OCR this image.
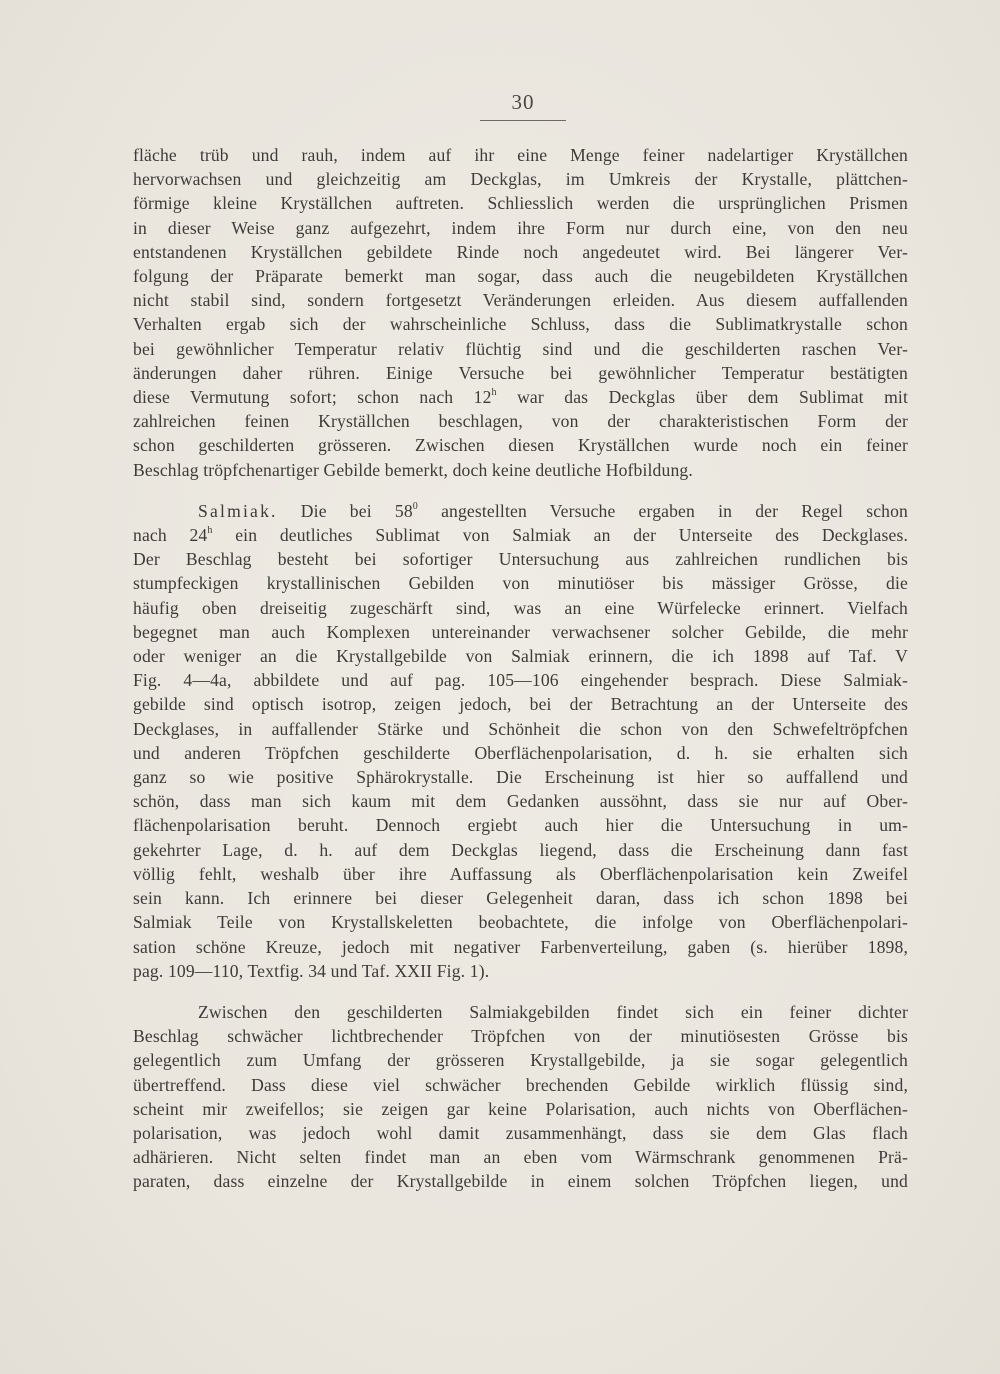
30

fläche trüb und rauh, indem auf ihr eine Menge feiner nadelartiger Kryställchen
hervorwachsen und gleichzeitig am Deckglas, im Umkreis der Krystalle, plättchen-
förmige kleine Kryställchen auftreten. Schliesslich werden die ursprünglichen Prismen
in dieser Weise ganz aufgezehrt, indem ihre Form nur durch eine, von den neu
entstandenen Kryställchen gebildete Rinde noch angedeutet wird. Bei längerer Ver-
folgung der Präparate bemerkt man sogar, dass auch die neugebildeten Kryställchen
nicht stabil sind, sondern fortgesetzt Veränderungen erleiden. Aus diesem auffallenden
Verhalten ergab sich der wahrscheinliche Schluss, dass die Sublimatkrystalle schon
bei gewöhnlicher Temperatur relativ flüchtig sind und die geschilderten raschen Ver-
änderungen daher rühren. Einige Versuche bei gewöhnlicher Temperatur bestätigten
diese Vermutung sofort; schon nach 12$^h$ war das Deckglas über dem Sublimat mit
zahlreichen feinen Kryställchen beschlagen, von der charakteristischen Form der
schon geschilderten grösseren. Zwischen diesen Kryställchen wurde noch ein feiner
Beschlag tröpfchenartiger Gebilde bemerkt, doch keine deutliche Hofbildung.

Salmiak. Die bei $58^0$ angestellten Versuche ergaben in der Regel schon
nach 24$^h$ ein deutliches Sublimat von Salmiak an der Unterseite des Deckglases.
Der Beschlag besteht bei sofortiger Untersuchung aus zahlreichen rundlichen bis
stumpfeckigen krystallinischen Gebilden von minutiöser bis mässiger Grösse, die
häufig oben dreiseitig zugeschärft sind, was an eine Würfelecke erinnert. Vielfach
begegnet man auch Komplexen untereinander verwachsener solcher Gebilde, die mehr
oder weniger an die Krystallgebilde von Salmiak erinnern, die ich 1898 auf Taf. V
Fig. 4—4a, abbildete und auf pag. 105—106 eingehender besprach. Diese Salmiak-
gebilde sind optisch isotrop, zeigen jedoch, bei der Betrachtung an der Unterseite des
Deckglases, in auffallender Stärke und Schönheit die schon von den Schwefeltröpfchen
und anderen Tröpfchen geschilderte Oberflächenpolarisation, d. h. sie erhalten sich
ganz so wie positive Sphärokrystalle. Die Erscheinung ist hier so auffallend und
schön, dass man sich kaum mit dem Gedanken aussöhnt, dass sie nur auf Ober-
flächenpolarisation beruht. Dennoch ergiebt auch hier die Untersuchung in um-
gekehrter Lage, d. h. auf dem Deckglas liegend, dass die Erscheinung dann fast
völlig fehlt, weshalb über ihre Auffassung als Oberflächenpolarisation kein Zweifel
sein kann. Ich erinnere bei dieser Gelegenheit daran, dass ich schon 1898 bei
Salmiak Teile von Krystallskeletten beobachtete, die infolge von Oberflächenpolari-
sation schöne Kreuze, jedoch mit negativer Farbenverteilung, gaben (s. hierüber 1898,
pag. 109—110, Textfig. 34 und Taf. XXII Fig. 1).

Zwischen den geschilderten Salmiakgebilden findet sich ein feiner dichter
Beschlag schwächer lichtbrechender Tröpfchen von der minutiösesten Grösse bis
gelegentlich zum Umfang der grösseren Krystallgebilde, ja sie sogar gelegentlich
übertreffend. Dass diese viel schwächer brechenden Gebilde wirklich flüssig sind,
scheint mir zweifellos; sie zeigen gar keine Polarisation, auch nichts von Oberflächen-
polarisation, was jedoch wohl damit zusammenhängt, dass sie dem Glas flach
adhärieren. Nicht selten findet man an eben vom Wärmschrank genommenen Prä-
paraten, dass einzelne der Krystallgebilde in einem solchen Tröpfchen liegen, und
